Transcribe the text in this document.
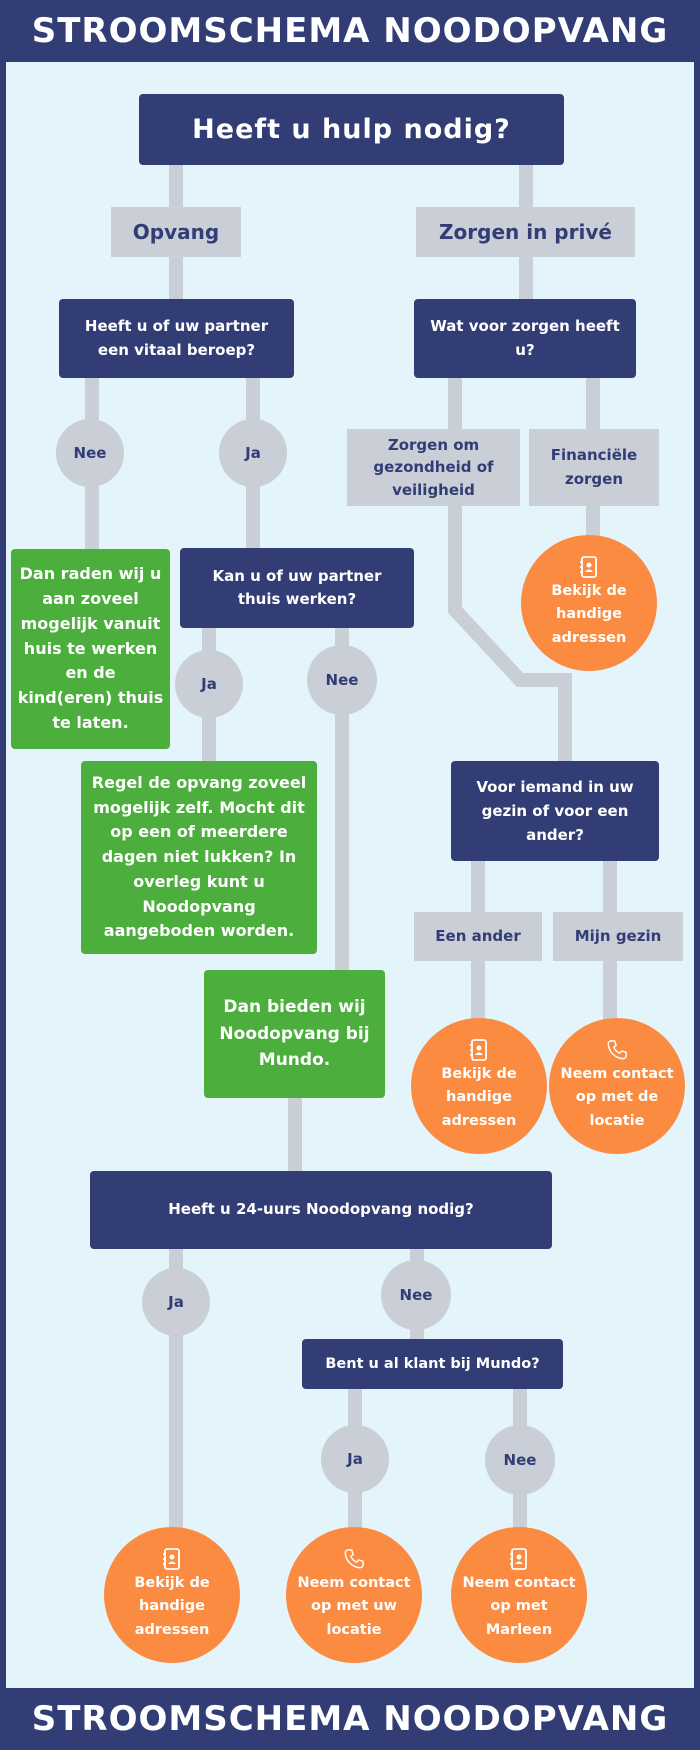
STROOMSCHEMA NOODOPVANG
STROOMSCHEMA NOODOPVANG
Heeft u hulp nodig?
Opvang	Zorgen in privé
Heeft u of uw partner een vitaal beroep?
Wat voor zorgen heeft u?
Nee	Ja	Zorgen om gezondheid of veiligheid
Financiële zorgen
Dan raden wij u aan zoveel mogelijk vanuit huis te werken en de kind(eren) thuis te laten.
Kan u of uw partner thuis werken?	Bekijk de handige adressen
Ja	Nee
Regel de opvang zoveel mogelijk zelf. Mocht dit op een of meerdere dagen niet lukken? In overleg kunt u Noodopvang aangeboden worden.
Voor iemand in uw gezin of voor een ander?
Een ander	Mijn gezin
Dan bieden wij Noodopvang bij Mundo.
Bekijk de handige adressen
Neem contact op met de locatie
Heeft u 24-uurs Noodopvang nodig?
Ja	Nee
Bent u al klant bij Mundo?
Ja	Nee
Bekijk de handige adressen
Neem contact op met uw locatie
Neem contact op met Marleen
